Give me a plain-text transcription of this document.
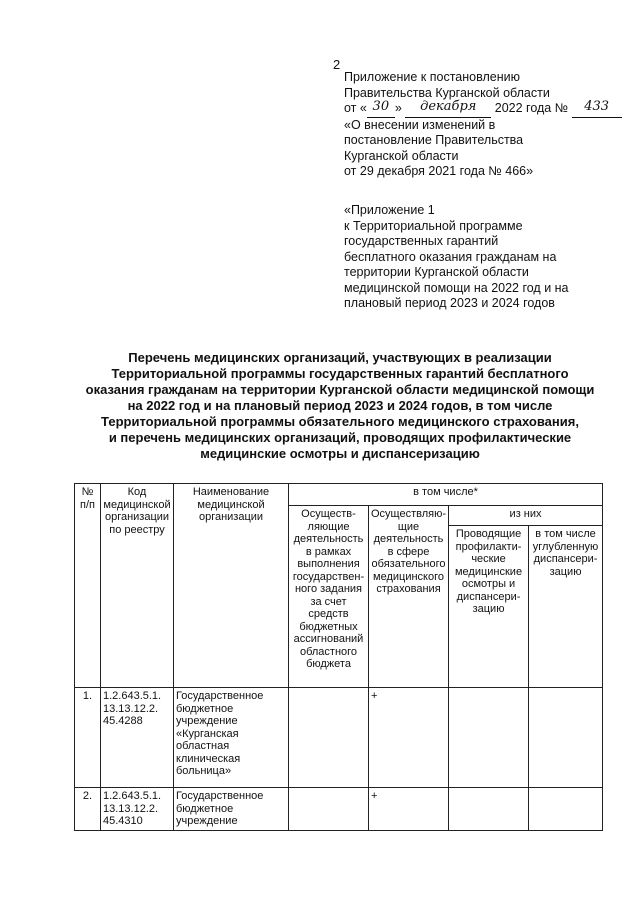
2
Приложение к постановлению
Правительства Курганской области
от « 30 » декабря 2022 года № 433
«О внесении изменений в
постановление Правительства
Курганской области
от 29 декабря 2021 года № 466»
«Приложение 1
к Территориальной программе
государственных гарантий
бесплатного оказания гражданам на
территории Курганской области
медицинской помощи на 2022 год и на
плановый период 2023 и 2024 годов
Перечень медицинских организаций, участвующих в реализации
Территориальной программы государственных гарантий бесплатного
оказания гражданам на территории Курганской области медицинской помощи
на 2022 год и на плановый период 2023 и 2024 годов, в том числе
Территориальной программы обязательного медицинского страхования,
и перечень медицинских организаций, проводящих профилактические
медицинские осмотры и диспансеризацию
№ п/п	Код медицинской организации по реестру	Наименование медицинской организации	в том числе*			
			Осуществ-ляющие деятельность в рамках выполнения государствен-ного задания за счет средств бюджетных ассигнований областного бюджета	Осуществляю-щие деятельность в сфере обязательного медицинского страхования	из них	
					Проводящие профилакти-ческие медицинские осмотры и диспансери-зацию	в том числе углубленную диспансери-зацию
1.	1.2.643.5.1. 13.13.12.2. 45.4288	Государственное бюджетное учреждение «Курганская областная клиническая больница»		+		
2.	1.2.643.5.1. 13.13.12.2. 45.4310	Государственное бюджетное учреждение		+		
